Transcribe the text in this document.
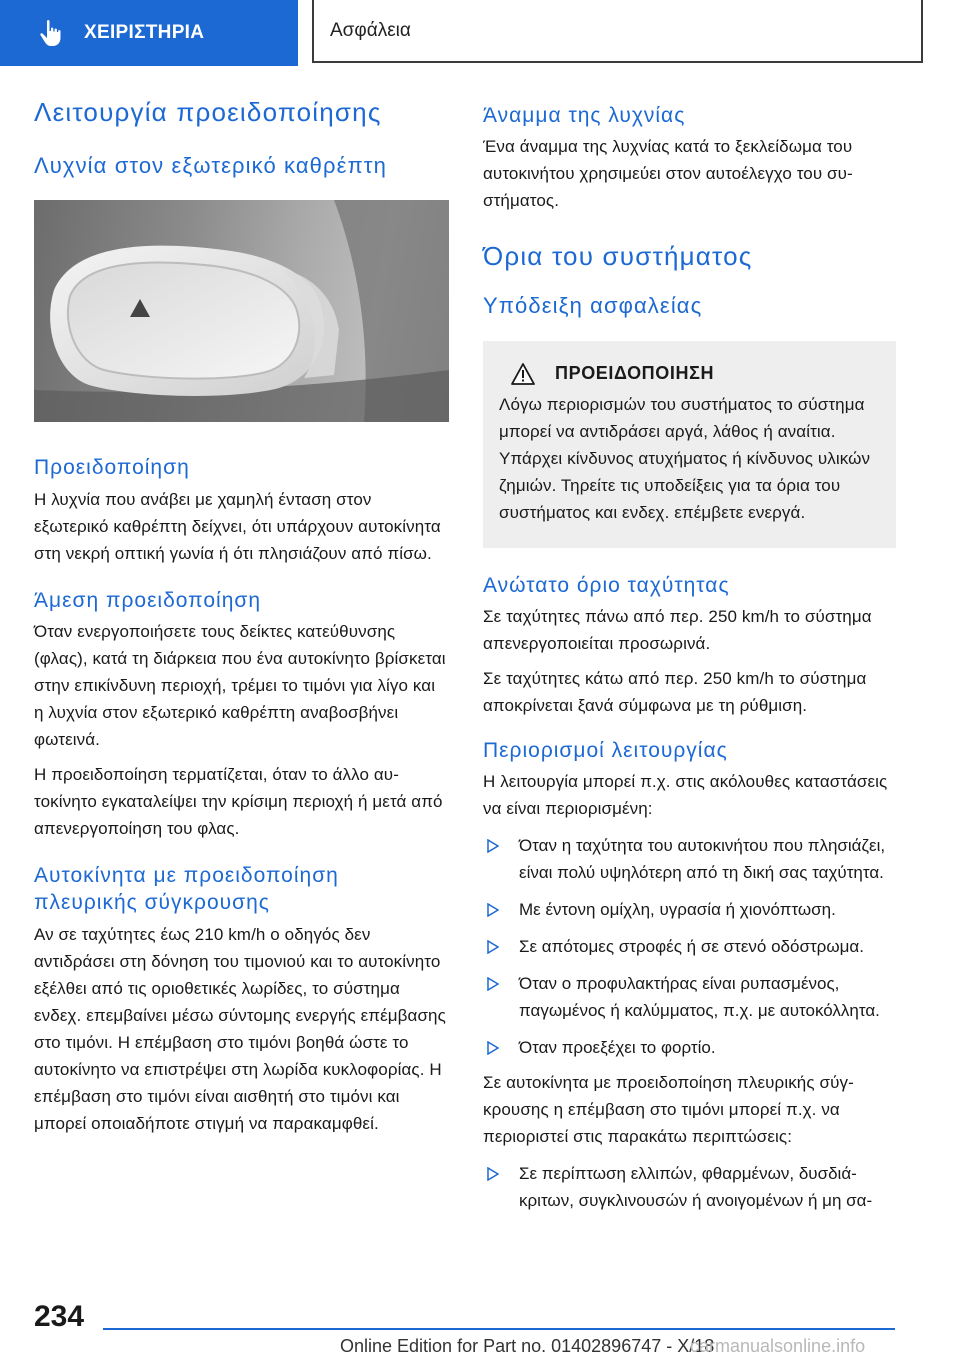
ΧΕΙΡΙΣΤΗΡΙΑ	Ασφάλεια
Λειτουργία προειδοποίησης
Λυχνία στον εξωτερικό καθρέπτη
Προειδοποίηση

Η λυχνία που ανάβει με χαμηλή ένταση στον εξωτερικό καθρέπτη δείχνει, ότι υπάρχουν αυτοκίνητα στη νεκρή οπτική γωνία ή ότι πλησιάζουν από πίσω.

Άμεση προειδοποίηση

Όταν ενεργοποιήσετε τους δείκτες κατεύθυνσης (φλας), κατά τη διάρκεια που ένα αυτοκίνητο βρίσκεται στην επικίνδυνη περιοχή, τρέμει το τιμόνι για λίγο και η λυχνία στον εξωτερικό καθρέπτη αναβοσβήνει φωτεινά.

Η προειδοποίηση τερματίζεται, όταν το άλλο αυτοκίνητο εγκαταλείψει την κρίσιμη περιοχή ή μετά από απενεργοποίηση του φλας.

Αυτοκίνητα με προειδοποίηση πλευρικής σύγκρουσης

Αν σε ταχύτητες έως 210 km/h ο οδηγός δεν αντιδράσει στη δόνηση του τιμονιού και το αυτοκίνητο εξέλθει από τις οριοθετικές λωρίδες, το σύστημα ενδεχ. επεμβαίνει μέσω σύντομης ενεργής επέμβασης στο τιμόνι. Η επέμβαση στο τιμόνι βοηθά ώστε το αυτοκίνητο να επιστρέψει στη λωρίδα κυκλοφορίας. Η επέμβαση στο τιμόνι είναι αισθητή στο τιμόνι και μπορεί οποιαδήποτε στιγμή να παρακαμφθεί.

Άναμμα της λυχνίας

Ένα άναμμα της λυχνίας κατά το ξεκλείδωμα του αυτοκινήτου χρησιμεύει στον αυτοέλεγχο του συστήματος.

Όρια του συστήματος
Υπόδειξη ασφαλείας
ΠΡΟΕΙΔΟΠΟΙΗΣΗ

Λόγω περιορισμών του συστήματος το σύστημα μπορεί να αντιδράσει αργά, λάθος ή αναίτια. Υπάρχει κίνδυνος ατυχήματος ή κίνδυνος υλικών ζημιών. Τηρείτε τις υποδείξεις για τα όρια του συστήματος και ενδεχ. επέμβετε ενεργά.

Ανώτατο όριο ταχύτητας

Σε ταχύτητες πάνω από περ. 250 km/h το σύστημα απενεργοποιείται προσωρινά.

Σε ταχύτητες κάτω από περ. 250 km/h το σύστημα αποκρίνεται ξανά σύμφωνα με τη ρύθμιση.

Περιορισμοί λειτουργίας

Η λειτουργία μπορεί π.χ. στις ακόλουθες καταστάσεις να είναι περιορισμένη:

Όταν η ταχύτητα του αυτοκινήτου που πλησιάζει, είναι πολύ υψηλότερη από τη δική σας ταχύτητα.
Με έντονη ομίχλη, υγρασία ή χιονόπτωση.
Σε απότομες στροφές ή σε στενό οδόστρωμα.
Όταν ο προφυλακτήρας είναι ρυπασμένος, παγωμένος ή καλύμματος, π.χ. με αυτοκόλλητα.
Όταν προεξέχει το φορτίο.

Σε αυτοκίνητα με προειδοποίηση πλευρικής σύγκρουσης η επέμβαση στο τιμόνι μπορεί π.χ. να περιοριστεί στις παρακάτω περιπτώσεις:

Σε περίπτωση ελλιπών, φθαρμένων, δυσδιάκριτων, συγκλινουσών ή ανοιγομένων ή μη σα-
234
Online Edition for Part no. 01402896747 - X/18
carmanualsonline.info
